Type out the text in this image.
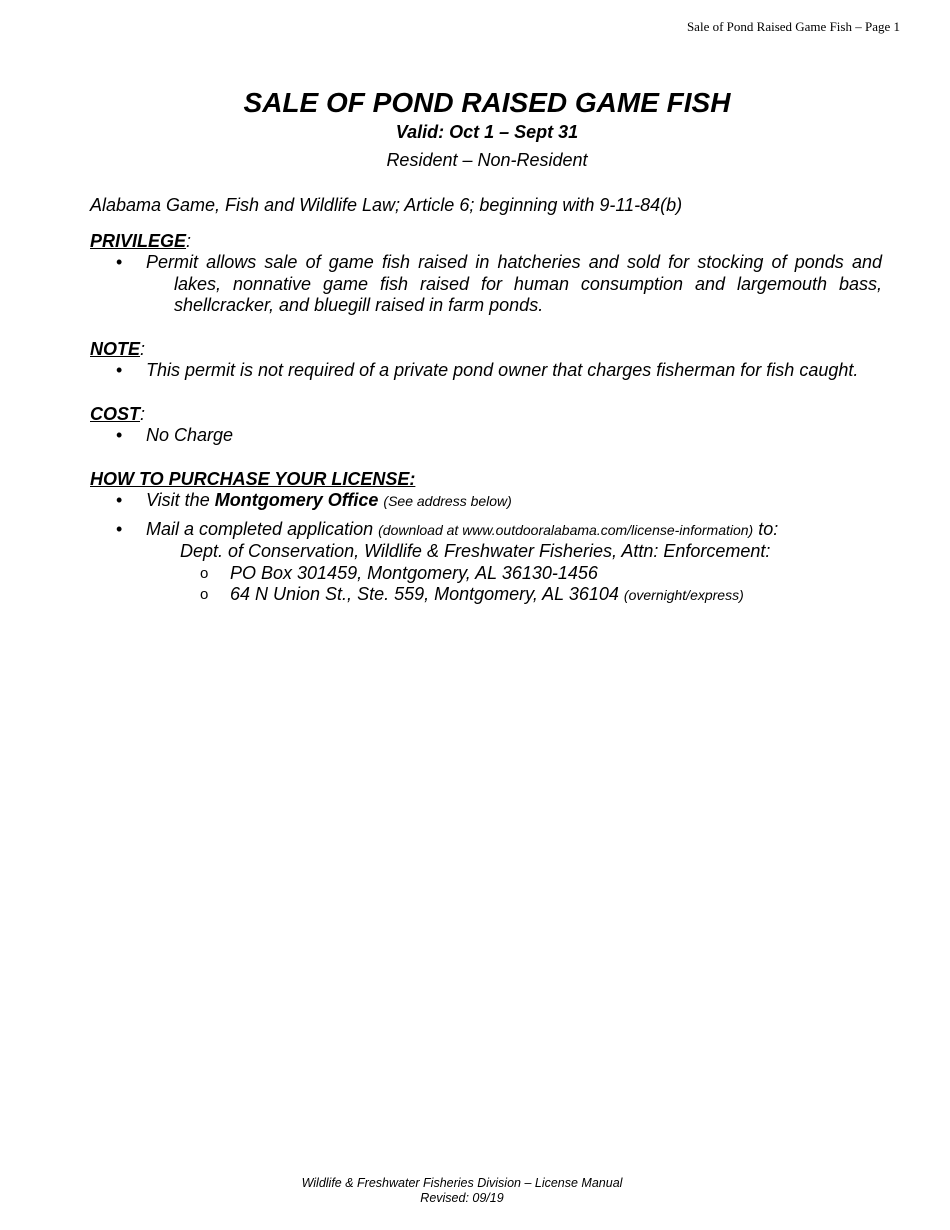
Sale of Pond Raised Game Fish – Page 1
SALE OF POND RAISED GAME FISH
Valid: Oct 1 – Sept 31
Resident – Non-Resident
Alabama Game, Fish and Wildlife Law; Article 6; beginning with 9-11-84(b)
PRIVILEGE:
• Permit allows sale of game fish raised in hatcheries and sold for stocking of ponds and lakes, nonnative game fish raised for human consumption and largemouth bass, shellcracker, and bluegill raised in farm ponds.
NOTE:
• This permit is not required of a private pond owner that charges fisherman for fish caught.
COST:
• No Charge
HOW TO PURCHASE YOUR LICENSE:
• Visit the Montgomery Office (See address below)
• Mail a completed application (download at www.outdooralabama.com/license-information) to:
Dept. of Conservation, Wildlife & Freshwater Fisheries, Attn: Enforcement:
o PO Box 301459, Montgomery, AL 36130-1456
o 64 N Union St., Ste. 559, Montgomery, AL 36104 (overnight/express)
Wildlife & Freshwater Fisheries Division – License Manual
Revised: 09/19
